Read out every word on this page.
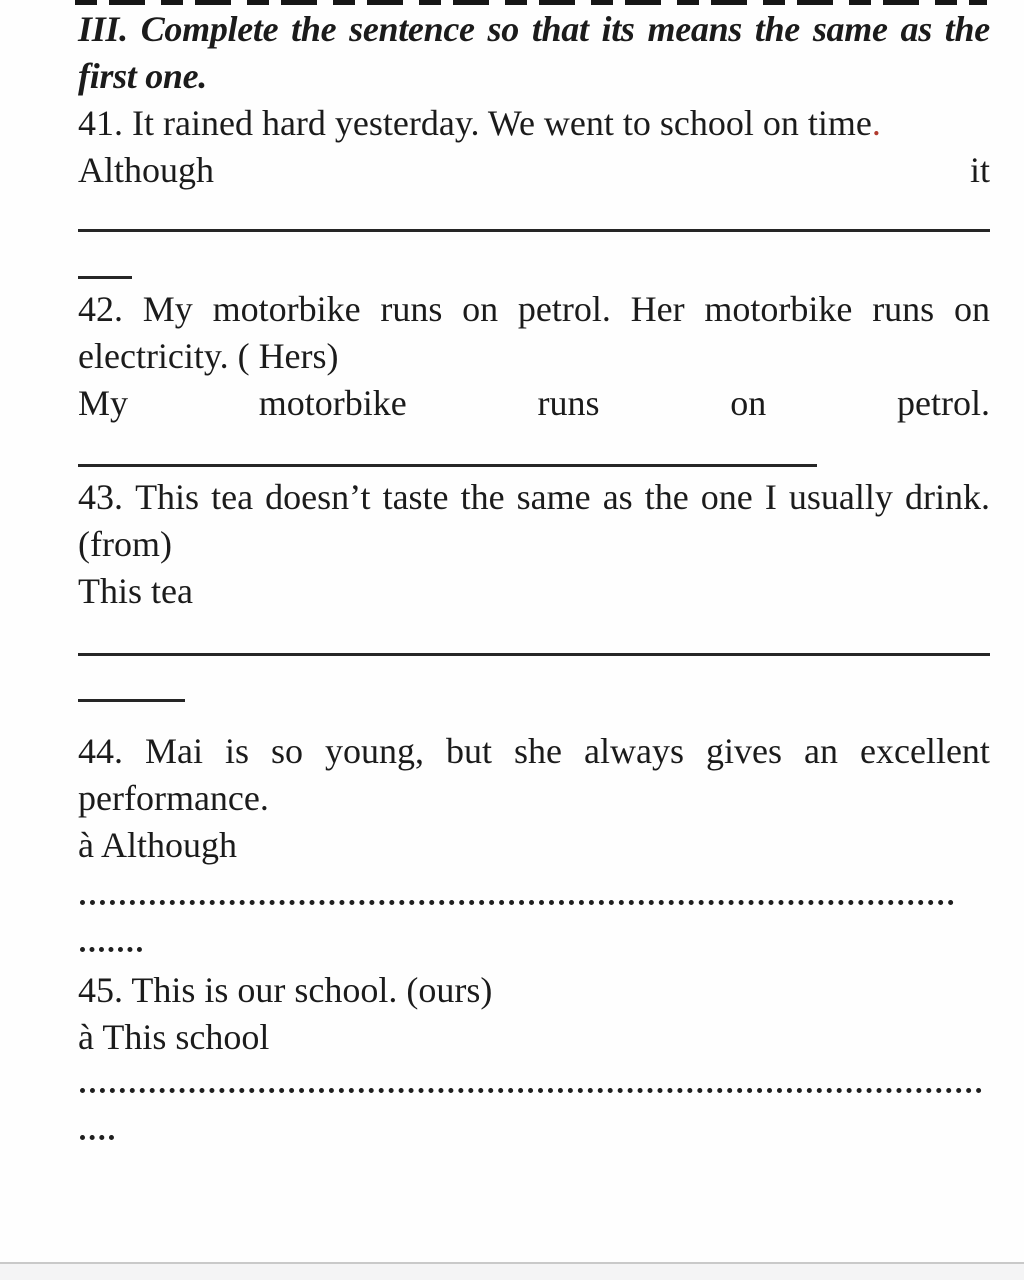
III. Complete the sentence so that its means the same as the
first one.
41. It rained hard yesterday. We went to school on time.
Although	it
42. My motorbike runs on petrol. Her motorbike runs on
electricity. ( Hers)
My	motorbike	runs	on	petrol.
43. This tea doesn’t taste the same as the one I usually drink.
(from)
This tea
44. Mai is so young, but she always gives an excellent
performance.
à Although
45. This is our school. (ours)
à This school
